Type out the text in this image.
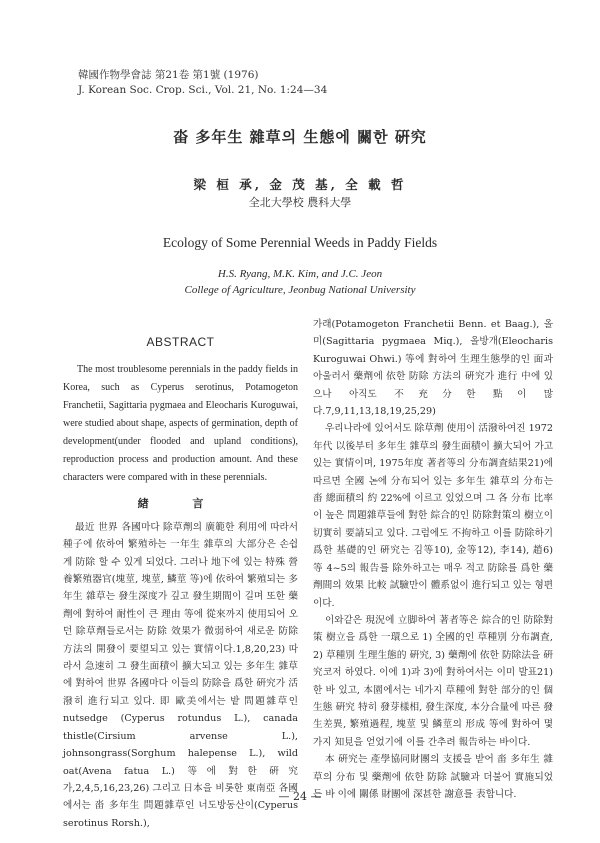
韓國作物學會誌 第21卷 第1號 (1976)
J. Korean Soc. Crop. Sci., Vol. 21, No. 1:24—34
畓 多年生 雜草의 生態에 關한 硏究
梁 桓 承, 金 茂 基, 全 載 哲
全北大學校 農科大學
Ecology of Some Perennial Weeds in Paddy Fields
H.S. Ryang, M.K. Kim, and J.C. Jeon
College of Agriculture, Jeonbug National University
ABSTRACT

The most troublesome perennials in the paddy fields in Korea, such as Cyperus serotinus, Potamogeton Franchetii, Sagittaria pygmaea and Eleocharis Kuroguwai, were studied about shape, aspects of germination, depth of development(under flooded and upland conditions), reproduction process and production amount. And these characters were compared with in these perennials.

緖 言

最近 世界 各國마다 除草劑의 廣範한 利用에 따라서 種子에 依하여 繁殖하는 一年生 雜草의 大部分은 손쉽게 防除 할 수 있게 되었다. 그러나 地下에 있는 特殊 營養繁殖器官(塊莖, 塊莖, 鱗莖 等)에 依하여 繁殖되는 多年生 雜草는 發生深度가 깊고 發生期間이 길며 또한 藥劑에 對하여 耐性이 큰 理由 等에 從來까지 使用되어 오던 除草劑들로서는 防除 效果가 微弱하여 새로운 防除 方法의 開發이 要望되고 있는 實情이다.1,8,20,23) 따라서 急速히 그 發生面積이 擴大되고 있는 多年生 雜草에 對하여 世界 各國마다 이들의 防除을 爲한 硏究가 活潑히 進行되고 있다. 即 歐美에서는 밭 問題雜草인 nutsedge (Cyperus rotundus L.), canada thistle(Cirsium arvense L.), johnsongrass(Sorghum halepense L.), wild oat(Avena fatua L.) 等에 對한 硏究가,2,4,5,16,23,26) 그리고 日本을 비롯한 東南亞 各國에서는 畓 多年生 問題雜草인 너도방동산이(Cyperus serotinus Rorsh.),

가래(Potamogeton Franchetii Benn. et Baag.), 올미(Sagittaria pygmaea Miq.), 올방개(Eleocharis Kuroguwai Ohwi.) 等에 對하여 生理生態學的인 面과 아울러서 藥劑에 依한 防除 方法의 硏究가 進行 中에 있으나 아직도 不充分한 點이 많다.7,9,11,13,18,19,25,29)

우리나라에 있어서도 除草劑 使用이 活潑하여진 1972年代 以後부터 多年生 雜草의 發生面積이 擴大되어 가고 있는 實情이며, 1975年度 著者等의 分布調査結果21)에 따르면 全國 논에 分布되어 있는 多年生 雜草의 分布는 畓 總面積의 約 22%에 이르고 있었으며 그 各 分布 比率이 높은 問題雜草들에 對한 綜合的인 防除對策의 樹立이 切實히 要請되고 있다. 그럼에도 不拘하고 이를 防除하기 爲한 基礎的인 硏究는 김等10), 金等12), 李14), 趙6) 等 4~5의 報告를 除外하고는 매우 적고 防除를 爲한 藥劑間의 效果 比較 試驗만이 體系없이 進行되고 있는 형편이다.

이와같은 現況에 立脚하여 著者等은 綜合的인 防除對策 樹立을 爲한 一環으로 1) 全國的인 草種別 分布調査, 2) 草種別 生理生態的 硏究, 3) 藥劑에 依한 防除法을 硏究코저 하였다. 이에 1)과 3)에 對하여서는 이미 발표21)한 바 있고, 本園에서는 네가지 草種에 對한 部分的인 個生態 硏究 特히 發芽樣相, 發生深度, 本分合量에 따른 發生差異, 繁殖過程, 塊莖 및 鱗莖의 形成 等에 對하여 몇 가지 知見을 얻었기에 이를 간추려 報告하는 바이다.

本 硏究는 產學協同財團의 支援을 받어 畓 多年生 雜草의 分布 및 藥劑에 依한 防除 試驗과 더불어 實施되었든 바 이에 關係 財團에 深甚한 謝意를 表합니다.

— 24 —
